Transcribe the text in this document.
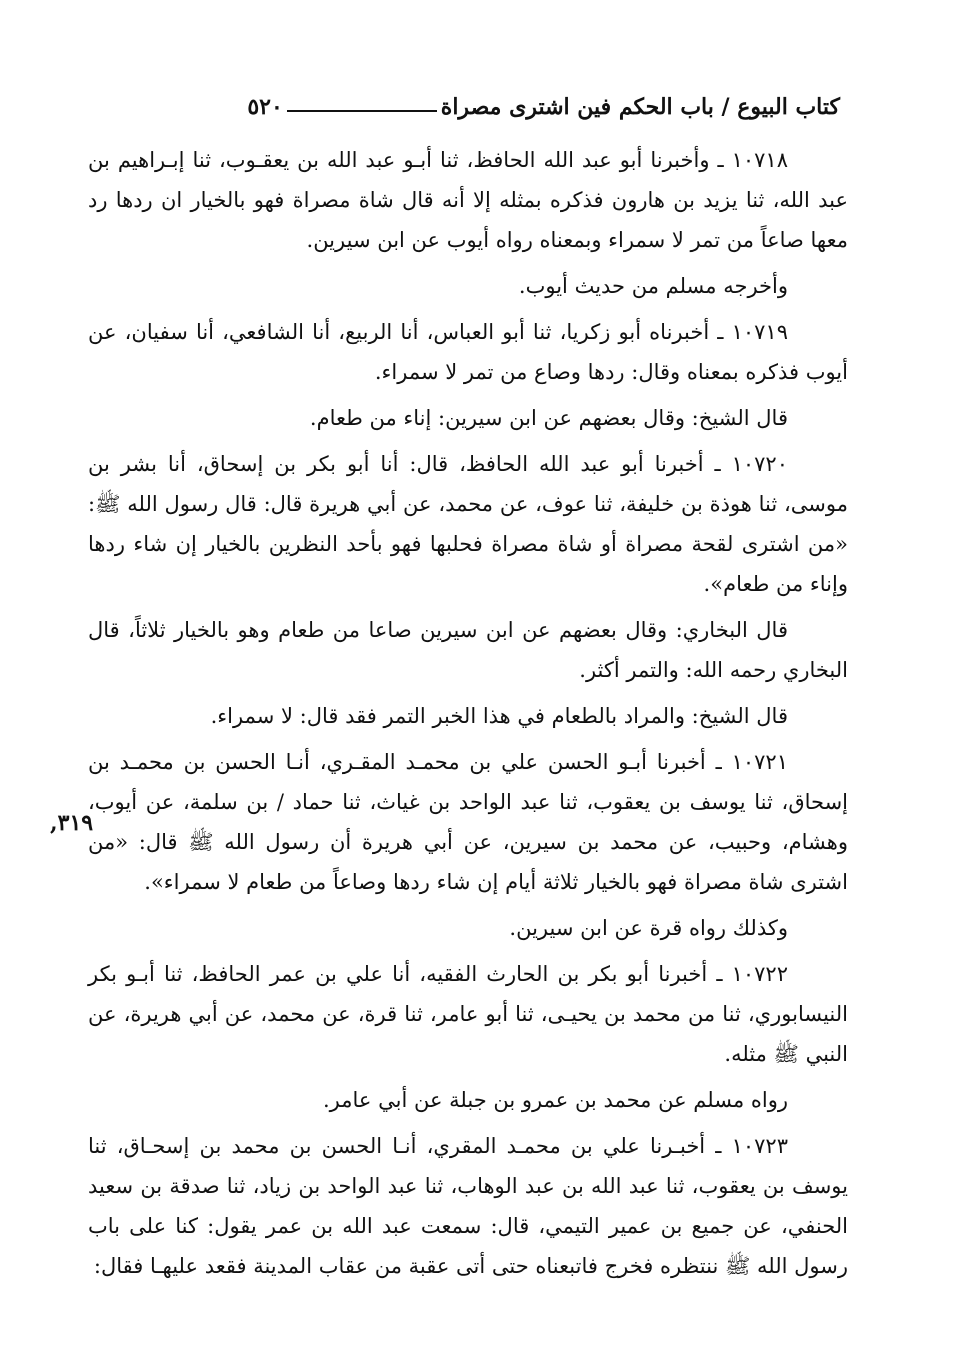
كتاب البيوع / باب الحكم فين اشترى مصراة
٥٢٠
٣١٩,

١٠٧١٨ ـ وأخبرنا أبو عبد الله الحافظ، ثنا أبـو عبد الله بن يعقـوب، ثنا إبـراهيم بن عبد الله، ثنا يزيد بن هارون فذكره بمثله إلا أنه قال شاة مصراة فهو بالخيار ان ردها رد معها صاعاً من تمر لا سمراء وبمعناه رواه أيوب عن ابن سيرين.

وأخرجه مسلم من حديث أيوب.

١٠٧١٩ ـ أخبرناه أبو زكريا، ثنا أبو العباس، أنا الربيع، أنا الشافعي، أنا سفيان، عن أيوب فذكره بمعناه وقال: ردها وصاع من تمر لا سمراء.

قال الشيخ: وقال بعضهم عن ابن سيرين: إناء من طعام.

١٠٧٢٠ ـ أخبرنا أبو عبد الله الحافظ، قال: أنا أبو بكر بن إسحاق، أنا بشر بن موسى، ثنا هوذة بن خليفة، ثنا عوف، عن محمد، عن أبي هريرة قال: قال رسول الله ﷺ: «من اشترى لقحة مصراة أو شاة مصراة فحلبها فهو بأحد النظرين بالخيار إن شاء ردها وإناء من طعام».

قال البخاري: وقال بعضهم عن ابن سيرين صاعا من طعام وهو بالخيار ثلاثاً، قال البخاري رحمه الله: والتمر أكثر.

قال الشيخ: والمراد بالطعام في هذا الخبر التمر فقد قال: لا سمراء.

١٠٧٢١ ـ أخبرنا أبـو الحسن علي بن محمـد المقـري، أنـا الحسن بن محمـد بن إسحاق، ثنا يوسف بن يعقوب، ثنا عبد الواحد بن غياث، ثنا حماد / بن سلمة، عن أيوب، وهشام، وحبيب، عن محمد بن سيرين، عن أبي هريرة أن رسول الله ﷺ قال: «من اشترى شاة مصراة فهو بالخيار ثلاثة أيام إن شاء ردها وصاعاً من طعام لا سمراء».

وكذلك رواه قرة عن ابن سيرين.

١٠٧٢٢ ـ أخبرنا أبو بكر بن الحارث الفقيه، أنا علي بن عمر الحافظ، ثنا أبـو بكر النيسابوري، ثنا من محمد بن يحيـى، ثنا أبو عامر، ثنا قرة، عن محمد، عن أبي هريرة، عن النبي ﷺ مثله.

رواه مسلم عن محمد بن عمرو بن جبلة عن أبي عامر.

١٠٧٢٣ ـ أخبـرنا علي بن محمـد المقري، أنـا الحسن بن محمد بن إسحـاق، ثنا يوسف بن يعقوب، ثنا عبد الله بن عبد الوهاب، ثنا عبد الواحد بن زياد، ثنا صدقة بن سعيد الحنفي، عن جميع بن عمير التيمي، قال: سمعت عبد الله بن عمر يقول: كنا على باب رسول الله ﷺ ننتظره فخرج فاتبعناه حتى أتى عقبة من عقاب المدينة فقعد عليهـا فقال:
